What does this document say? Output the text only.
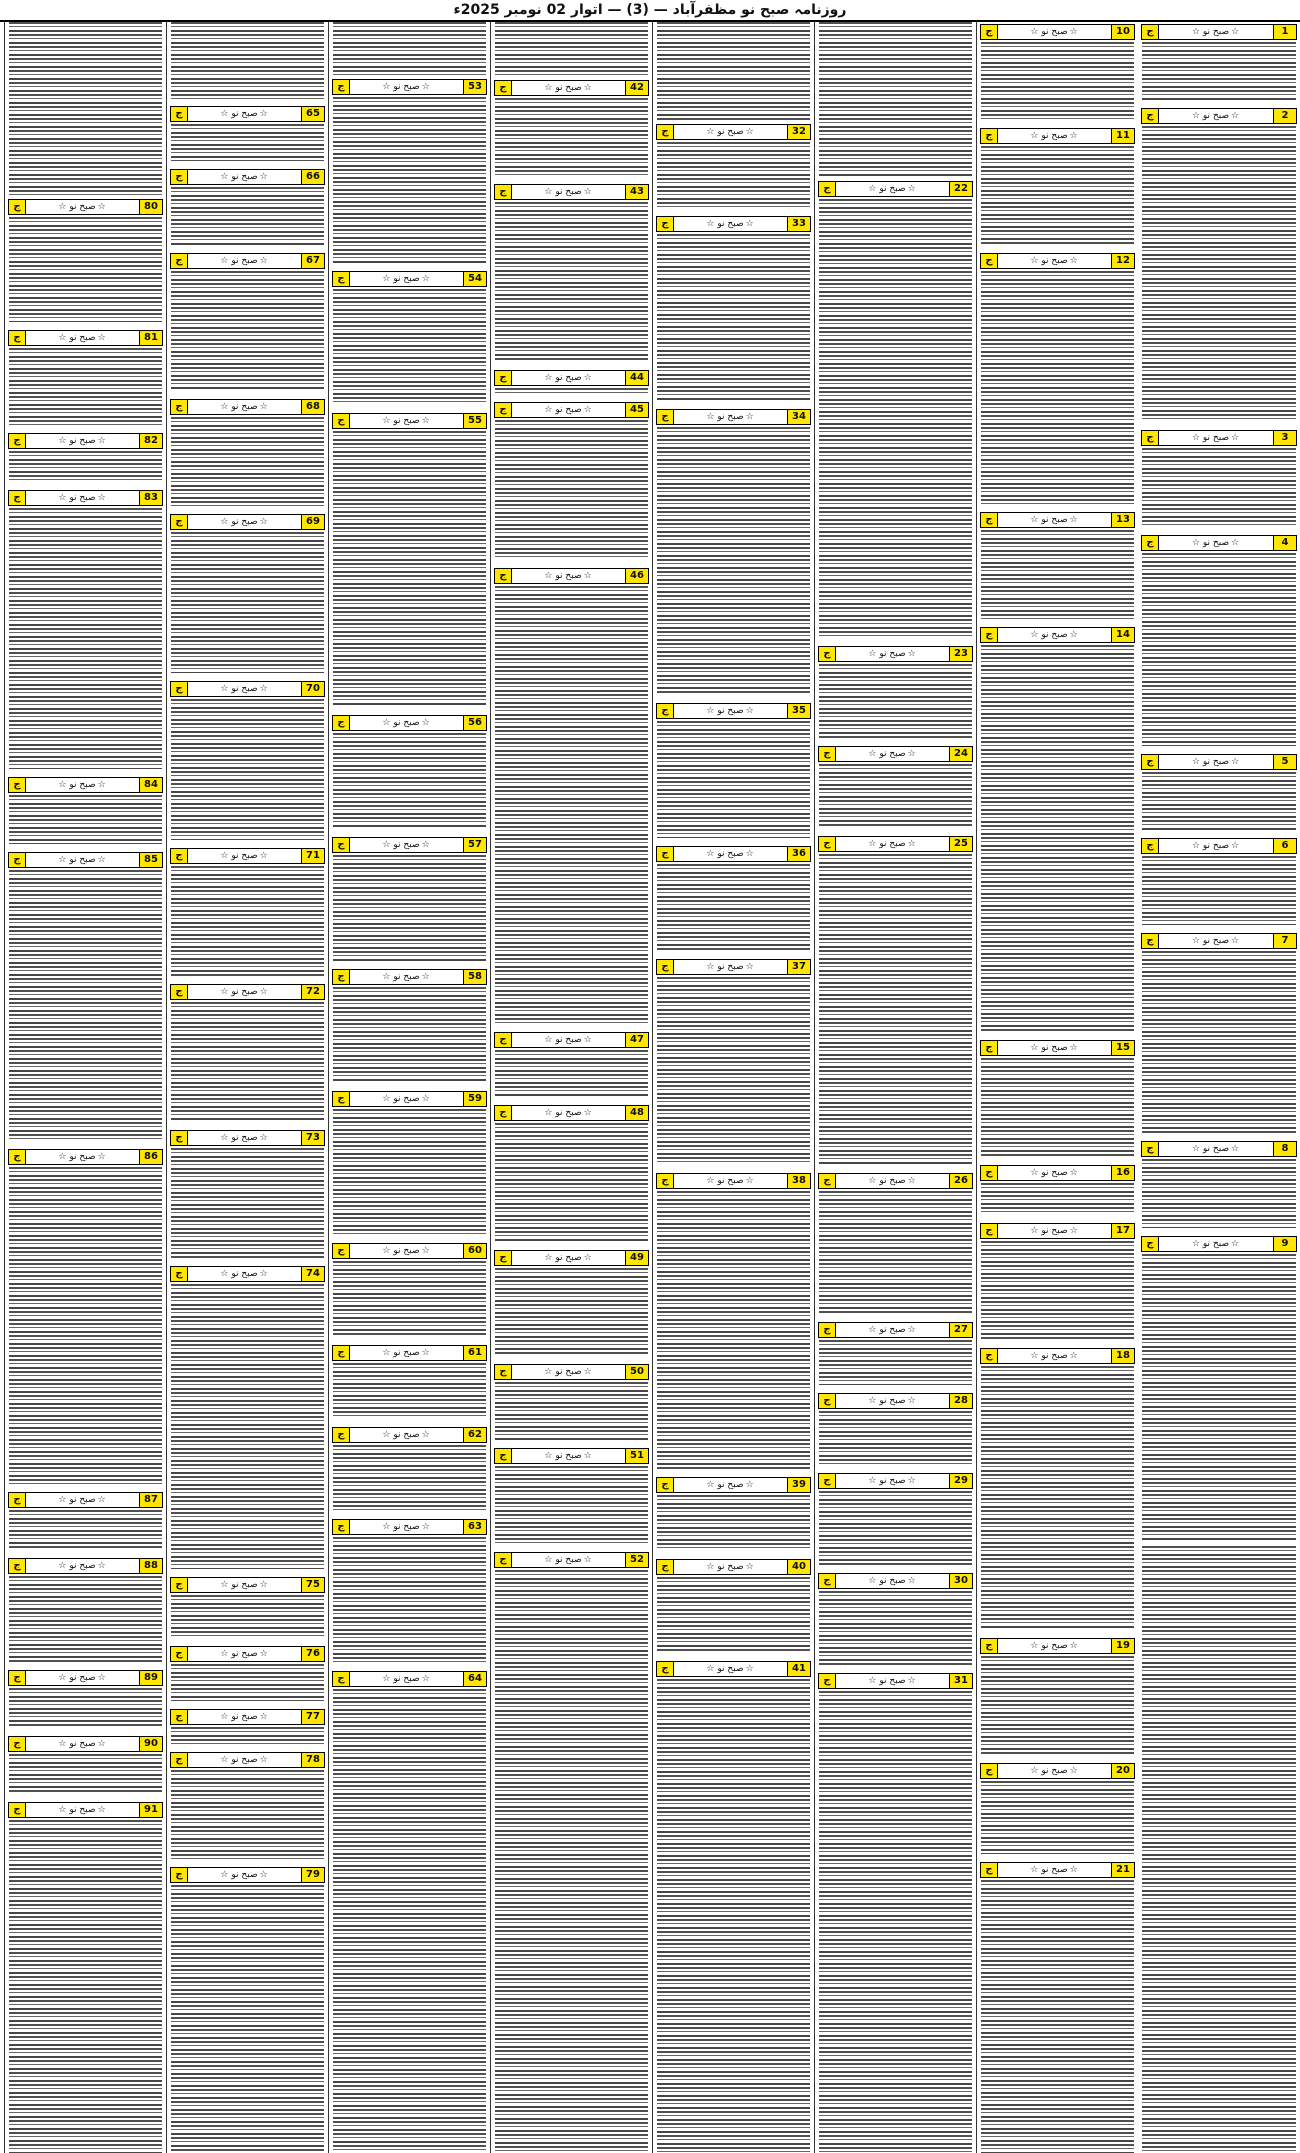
روزنامہ صبح نو مظفرآباد — (3) — اتوار 02 نومبر 2025ء
1
☆ صبح نو ☆
ج
2
☆ صبح نو ☆
ج
3
☆ صبح نو ☆
ج
4
☆ صبح نو ☆
ج
5
☆ صبح نو ☆
ج
6
☆ صبح نو ☆
ج
7
☆ صبح نو ☆
ج
8
☆ صبح نو ☆
ج
9
☆ صبح نو ☆
ج
10
☆ صبح نو ☆
ج
11
☆ صبح نو ☆
ج
12
☆ صبح نو ☆
ج
13
☆ صبح نو ☆
ج
14
☆ صبح نو ☆
ج
15
☆ صبح نو ☆
ج
16
☆ صبح نو ☆
ج
17
☆ صبح نو ☆
ج
18
☆ صبح نو ☆
ج
19
☆ صبح نو ☆
ج
20
☆ صبح نو ☆
ج
21
☆ صبح نو ☆
ج
22
☆ صبح نو ☆
ج
23
☆ صبح نو ☆
ج
24
☆ صبح نو ☆
ج
25
☆ صبح نو ☆
ج
26
☆ صبح نو ☆
ج
27
☆ صبح نو ☆
ج
28
☆ صبح نو ☆
ج
29
☆ صبح نو ☆
ج
30
☆ صبح نو ☆
ج
31
☆ صبح نو ☆
ج
32
☆ صبح نو ☆
ج
33
☆ صبح نو ☆
ج
34
☆ صبح نو ☆
ج
35
☆ صبح نو ☆
ج
36
☆ صبح نو ☆
ج
37
☆ صبح نو ☆
ج
38
☆ صبح نو ☆
ج
39
☆ صبح نو ☆
ج
40
☆ صبح نو ☆
ج
41
☆ صبح نو ☆
ج
42
☆ صبح نو ☆
ج
43
☆ صبح نو ☆
ج
44
☆ صبح نو ☆
ج
45
☆ صبح نو ☆
ج
46
☆ صبح نو ☆
ج
47
☆ صبح نو ☆
ج
48
☆ صبح نو ☆
ج
49
☆ صبح نو ☆
ج
50
☆ صبح نو ☆
ج
51
☆ صبح نو ☆
ج
52
☆ صبح نو ☆
ج
53
☆ صبح نو ☆
ج
54
☆ صبح نو ☆
ج
55
☆ صبح نو ☆
ج
56
☆ صبح نو ☆
ج
57
☆ صبح نو ☆
ج
58
☆ صبح نو ☆
ج
59
☆ صبح نو ☆
ج
60
☆ صبح نو ☆
ج
61
☆ صبح نو ☆
ج
62
☆ صبح نو ☆
ج
63
☆ صبح نو ☆
ج
64
☆ صبح نو ☆
ج
65
☆ صبح نو ☆
ج
66
☆ صبح نو ☆
ج
67
☆ صبح نو ☆
ج
68
☆ صبح نو ☆
ج
69
☆ صبح نو ☆
ج
70
☆ صبح نو ☆
ج
71
☆ صبح نو ☆
ج
72
☆ صبح نو ☆
ج
73
☆ صبح نو ☆
ج
74
☆ صبح نو ☆
ج
75
☆ صبح نو ☆
ج
76
☆ صبح نو ☆
ج
77
☆ صبح نو ☆
ج
78
☆ صبح نو ☆
ج
79
☆ صبح نو ☆
ج
80
☆ صبح نو ☆
ج
81
☆ صبح نو ☆
ج
82
☆ صبح نو ☆
ج
83
☆ صبح نو ☆
ج
84
☆ صبح نو ☆
ج
85
☆ صبح نو ☆
ج
86
☆ صبح نو ☆
ج
87
☆ صبح نو ☆
ج
88
☆ صبح نو ☆
ج
89
☆ صبح نو ☆
ج
90
☆ صبح نو ☆
ج
91
☆ صبح نو ☆
ج
